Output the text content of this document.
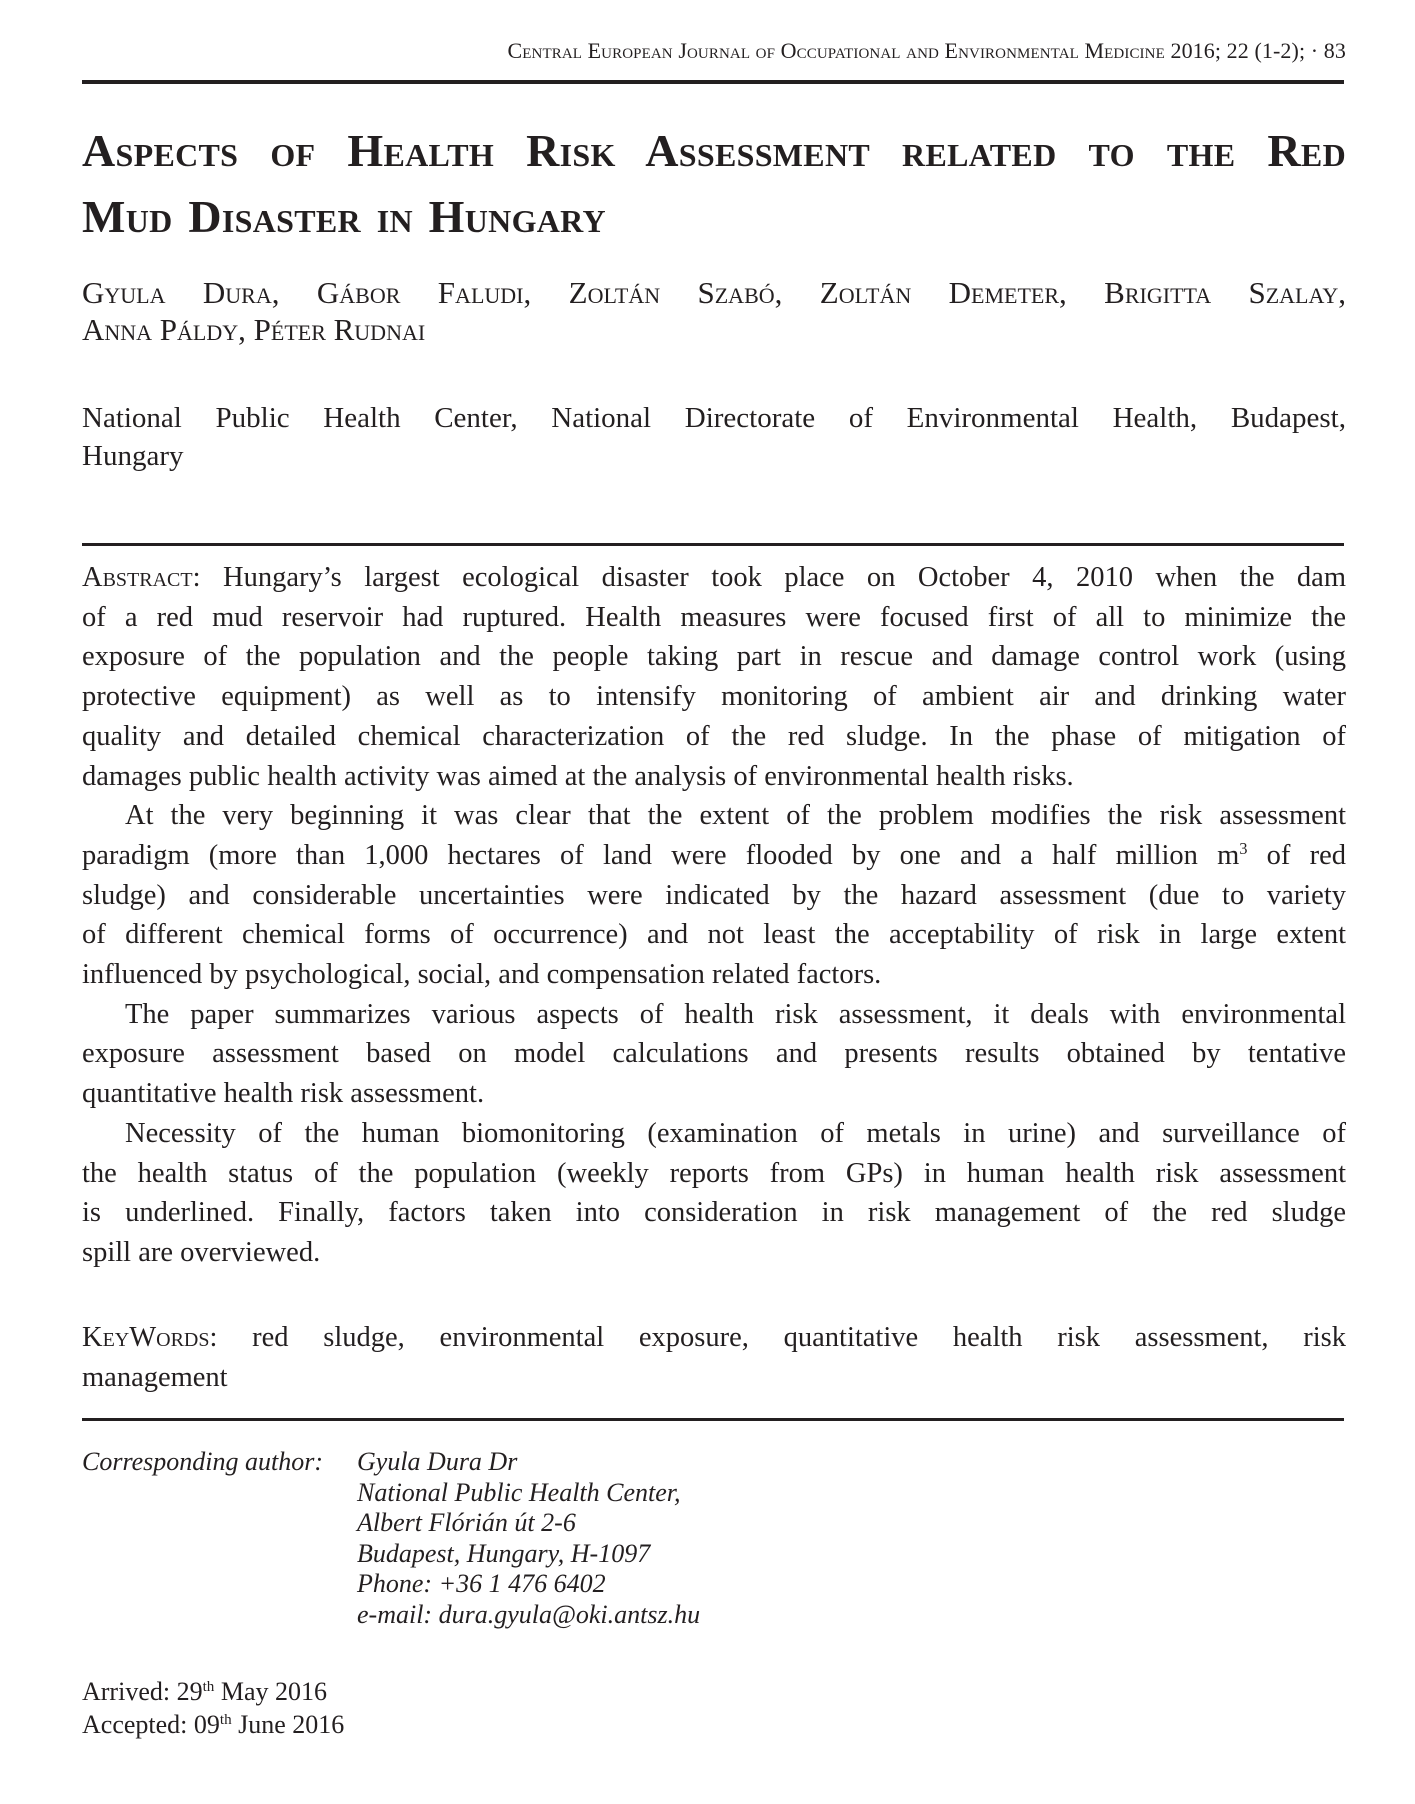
Central European Journal of Occupational and Environmental Medicine 2016; 22 (1-2); · 83
Aspects of Health Risk Assessment related to the Red
Mud Disaster in Hungary
Gyula Dura, Gábor Faludi, Zoltán Szabó, Zoltán Demeter, Brigitta Szalay,
Anna Páldy, Péter Rudnai
National Public Health Center, National Directorate of Environmental Health, Budapest,
Hungary
Abstract: Hungary’s largest ecological disaster took place on October 4, 2010 when the dam
of a red mud reservoir had ruptured. Health measures were focused first of all to minimize the
exposure of the population and the people taking part in rescue and damage control work (using
protective equipment) as well as to intensify monitoring of ambient air and drinking water
quality and detailed chemical characterization of the red sludge. In the phase of mitigation of
damages public health activity was aimed at the analysis of environmental health risks.
At the very beginning it was clear that the extent of the problem modifies the risk assessment
paradigm (more than 1,000 hectares of land were flooded by one and a half million $m^3$ of red
sludge) and considerable uncertainties were indicated by the hazard assessment (due to variety
of different chemical forms of occurrence) and not least the acceptability of risk in large extent
influenced by psychological, social, and compensation related factors.
The paper summarizes various aspects of health risk assessment, it deals with environmental
exposure assessment based on model calculations and presents results obtained by tentative
quantitative health risk assessment.
Necessity of the human biomonitoring (examination of metals in urine) and surveillance of
the health status of the population (weekly reports from GPs) in human health risk assessment
is underlined. Finally, factors taken into consideration in risk management of the red sludge
spill are overviewed.
KeyWords: red sludge, environmental exposure, quantitative health risk assessment, risk
management
Corresponding author: Gyula Dura Dr
National Public Health Center,
Albert Flórián út 2-6
Budapest, Hungary, H-1097
Phone: +36 1 476 6402
e-mail: dura.gyula@oki.antsz.hu
Arrived: 29th May 2016
Accepted: 09th June 2016
